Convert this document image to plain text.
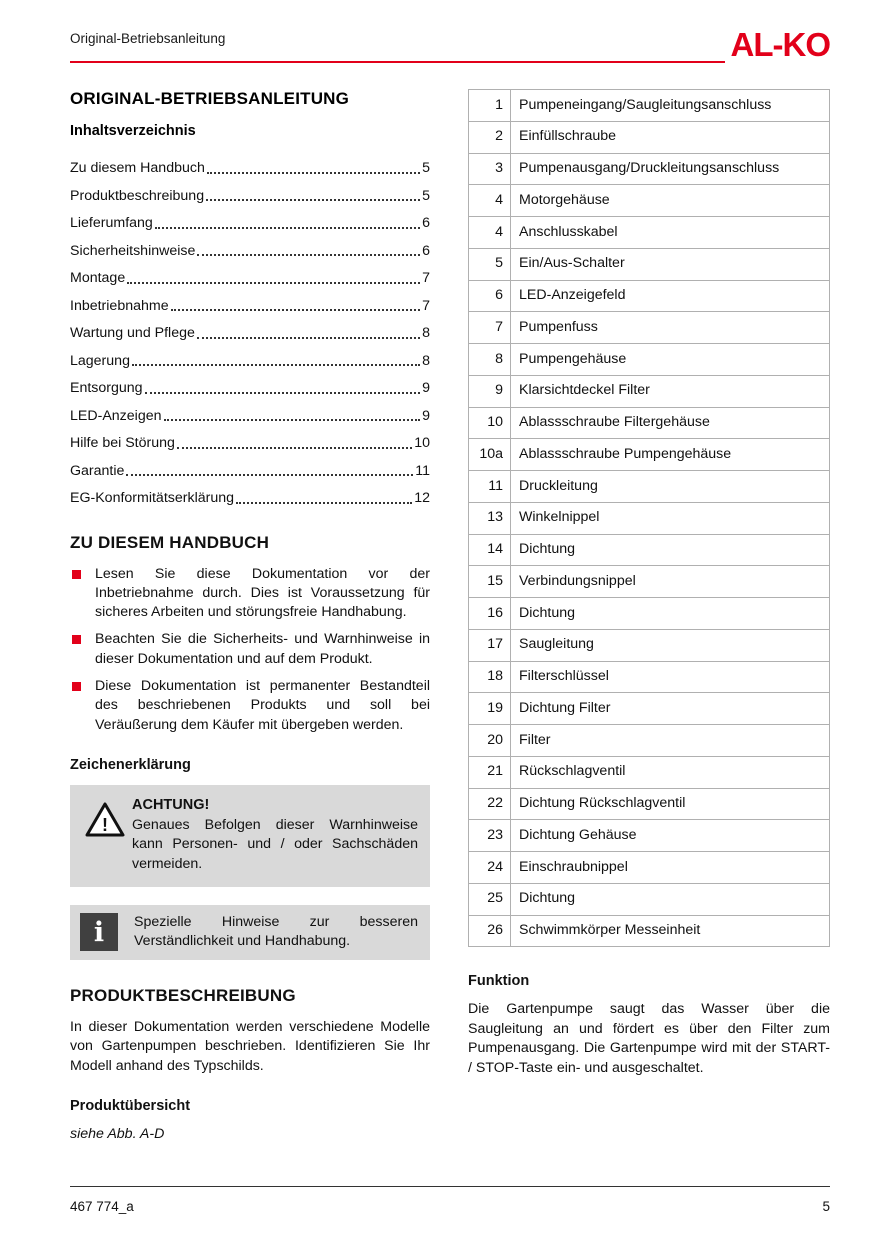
Original-Betriebsanleitung	AL-KO
ORIGINAL-BETRIEBSANLEITUNG
Inhaltsverzeichnis
Zu diesem Handbuch	5
Produktbeschreibung	5
Lieferumfang	6
Sicherheitshinweise	6
Montage	7
Inbetriebnahme	7
Wartung und Pflege	8
Lagerung	8
Entsorgung	9
LED-Anzeigen	9
Hilfe bei Störung	10
Garantie	11
EG-Konformitätserklärung	12
ZU DIESEM HANDBUCH
Lesen Sie diese Dokumentation vor der Inbetriebnahme durch. Dies ist Voraussetzung für sicheres Arbeiten und störungsfreie Handhabung.
Beachten Sie die Sicherheits- und Warnhinweise in dieser Dokumentation und auf dem Produkt.
Diese Dokumentation ist permanenter Bestandteil des beschriebenen Produkts und soll bei Veräußerung dem Käufer mit übergeben werden.
Zeichenerklärung
!
ACHTUNG!
Genaues Befolgen dieser Warnhinweise kann Personen- und / oder Sachschäden vermeiden.
i Spezielle Hinweise zur besseren Verständlichkeit und Handhabung.
PRODUKTBESCHREIBUNG
In dieser Dokumentation werden verschiedene Modelle von Gartenpumpen beschrieben. Identifizieren Sie Ihr Modell anhand des Typschilds.
Produktübersicht
siehe Abb. A-D
1	Pumpeneingang/Saugleitungsanschluss
2	Einfüllschraube
3	Pumpenausgang/Druckleitungsanschluss
4	Motorgehäuse
4	Anschlusskabel
5	Ein/Aus-Schalter
6	LED-Anzeigefeld
7	Pumpenfuss
8	Pumpengehäuse
9	Klarsichtdeckel Filter
10	Ablassschraube Filtergehäuse
10a	Ablassschraube Pumpengehäuse
11	Druckleitung
13	Winkelnippel
14	Dichtung
15	Verbindungsnippel
16	Dichtung
17	Saugleitung
18	Filterschlüssel
19	Dichtung Filter
20	Filter
21	Rückschlagventil
22	Dichtung Rückschlagventil
23	Dichtung Gehäuse
24	Einschraubnippel
25	Dichtung
26	Schwimmkörper Messeinheit
Funktion
Die Gartenpumpe saugt das Wasser über die Saugleitung an und fördert es über den Filter zum Pumpenausgang. Die Gartenpumpe wird mit der START- / STOP-Taste ein- und ausgeschaltet.
467 774_a	5
